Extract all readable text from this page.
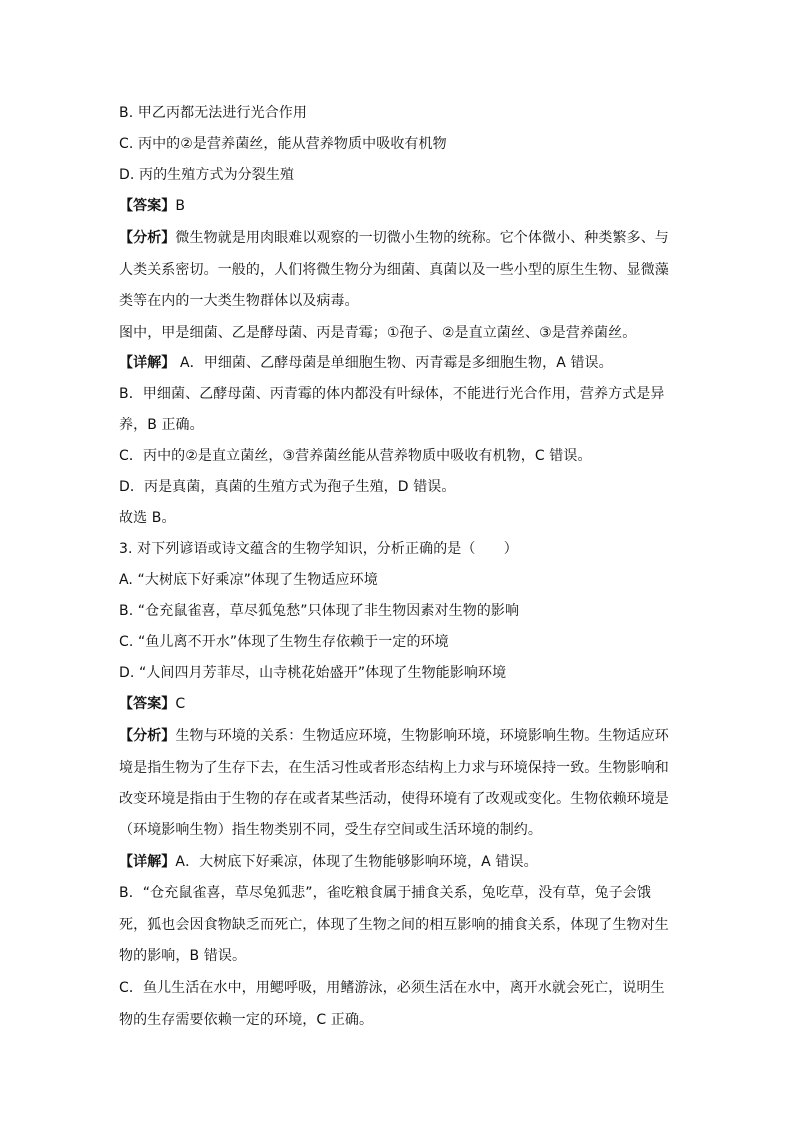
B. 甲乙丙都无法进行光合作用
C. 丙中的②是营养菌丝，能从营养物质中吸收有机物
D. 丙的生殖方式为分裂生殖
【答案】B
【分析】微生物就是用肉眼难以观察的一切微小生物的统称。它个体微小、种类繁多、与
人类关系密切。一般的，人们将微生物分为细菌、真菌以及一些小型的原生生物、显微藻
类等在内的一大类生物群体以及病毒。
图中，甲是细菌、乙是酵母菌、丙是青霉；①孢子、②是直立菌丝、③是营养菌丝。
【详解】 A．甲细菌、乙酵母菌是单细胞生物、丙青霉是多细胞生物，A 错误。
B．甲细菌、乙酵母菌、丙青霉的体内都没有叶绿体，不能进行光合作用，营养方式是异
养，B 正确。
C．丙中的②是直立菌丝，③营养菌丝能从营养物质中吸收有机物，C 错误。
D．丙是真菌，真菌的生殖方式为孢子生殖，D 错误。
故选 B。
3. 对下列谚语或诗文蕴含的生物学知识，分析正确的是（　　）
A. “大树底下好乘凉”体现了生物适应环境
B. “仓充鼠雀喜，草尽狐兔愁”只体现了非生物因素对生物的影响
C. “鱼儿离不开水”体现了生物生存依赖于一定的环境
D. “人间四月芳菲尽，山寺桃花始盛开”体现了生物能影响环境
【答案】C
【分析】生物与环境的关系：生物适应环境，生物影响环境，环境影响生物。生物适应环
境是指生物为了生存下去，在生活习性或者形态结构上力求与环境保持一致。生物影响和
改变环境是指由于生物的存在或者某些活动，使得环境有了改观或变化。生物依赖环境是
（环境影响生物）指生物类别不同，受生存空间或生活环境的制约。
【详解】A．大树底下好乘凉，体现了生物能够影响环境，A 错误。
B．“仓充鼠雀喜，草尽兔狐悲”，雀吃粮食属于捕食关系，兔吃草，没有草，兔子会饿
死，狐也会因食物缺乏而死亡，体现了生物之间的相互影响的捕食关系，体现了生物对生
物的影响，B 错误。
C．鱼儿生活在水中，用鳃呼吸，用鳍游泳，必须生活在水中，离开水就会死亡，说明生
物的生存需要依赖一定的环境，C 正确。
